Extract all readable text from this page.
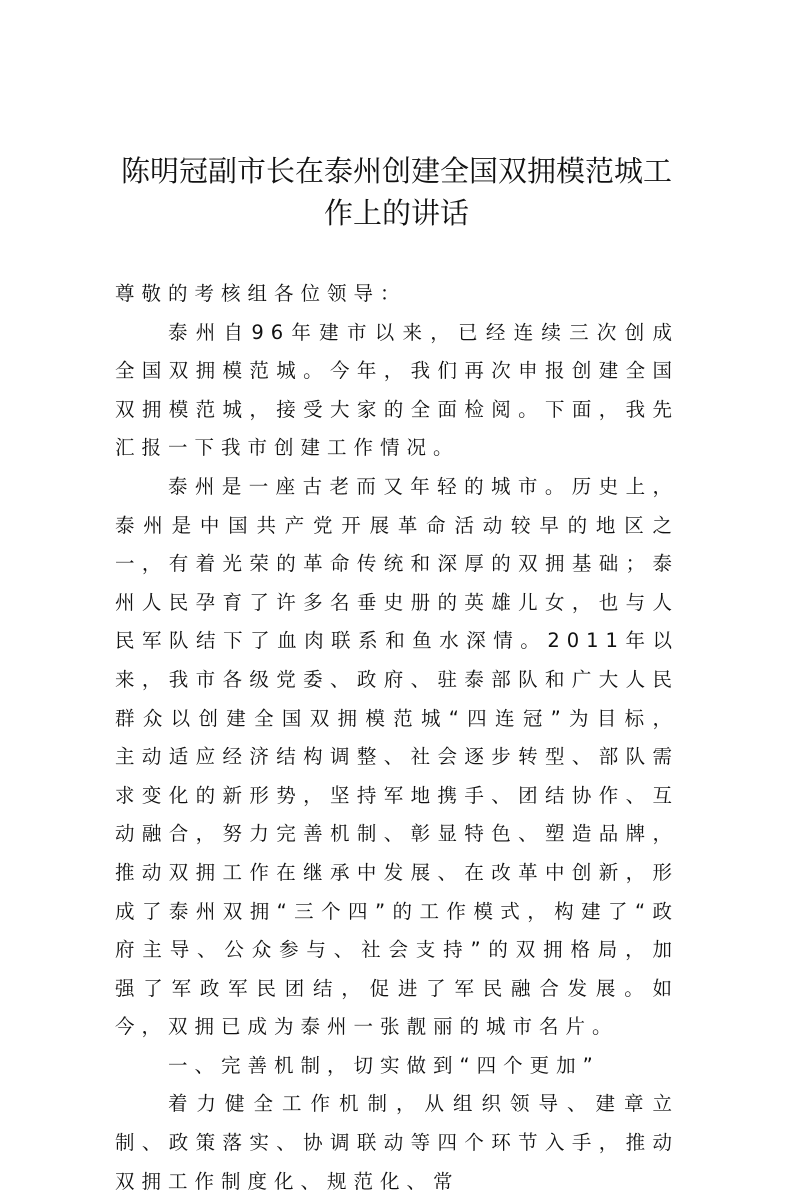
陈明冠副市长在泰州创建全国双拥模范城工
作上的讲话

尊敬的考核组各位领导：

泰州自96年建市以来，已经连续三次创成全国双拥模范城。今年，我们再次申报创建全国双拥模范城，接受大家的全面检阅。下面，我先汇报一下我市创建工作情况。

泰州是一座古老而又年轻的城市。历史上，泰州是中国共产党开展革命活动较早的地区之一，有着光荣的革命传统和深厚的双拥基础；泰州人民孕育了许多名垂史册的英雄儿女，也与人民军队结下了血肉联系和鱼水深情。2011年以来，我市各级党委、政府、驻泰部队和广大人民群众以创建全国双拥模范城“四连冠”为目标，主动适应经济结构调整、社会逐步转型、部队需求变化的新形势，坚持军地携手、团结协作、互动融合，努力完善机制、彰显特色、塑造品牌，推动双拥工作在继承中发展、在改革中创新，形成了泰州双拥“三个四”的工作模式，构建了“政府主导、公众参与、社会支持”的双拥格局，加强了军政军民团结，促进了军民融合发展。如今，双拥已成为泰州一张靓丽的城市名片。

一、完善机制，切实做到“四个更加”

着力健全工作机制，从组织领导、建章立制、政策落实、协调联动等四个环节入手，推动双拥工作制度化、规范化、常
